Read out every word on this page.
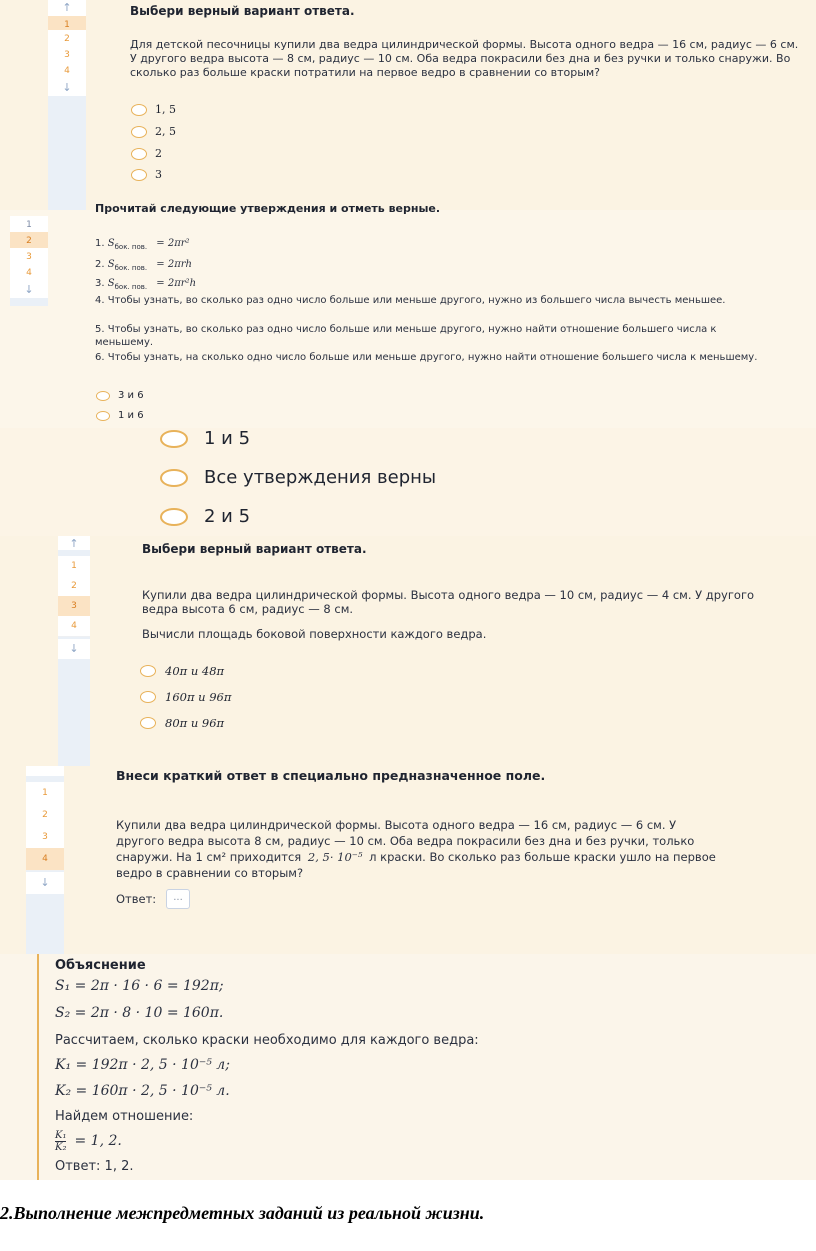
↑
1
2
3
4
↓
Выбери верный вариант ответа.
Для детской песочницы купили два ведра цилиндрической формы. Высота одного ведра — 16 см, радиус — 6 см. У другого ведра высота — 8 см, радиус — 10 см. Оба ведра покрасили без дна и без ручки и только снаружи. Во сколько раз больше краски потратили на первое ведро в сравнении со вторым?
1, 5
2, 5
2
3
1
2
3
4
↓
Прочитай следующие утверждения и отметь верные.
1. $S_{бок. пов.} = 2\pi r^2$
2. $S_{бок. пов.} = 2\pi rh$
3. $S_{бок. пов.} = 2\pi r^2h$
4. Чтобы узнать, во сколько раз одно число больше или меньше другого, нужно из большего числа вычесть меньшее.
5. Чтобы узнать, во сколько раз одно число больше или меньше другого, нужно найти отношение большего числа к меньшему.
6. Чтобы узнать, на сколько одно число больше или меньше другого, нужно найти отношение большего числа к меньшему.
3 и 6
1 и 6
1 и 5
Все утверждения верны
2 и 5
↑
1
2
3
4
↓
Выбери верный вариант ответа.
Купили два ведра цилиндрической формы. Высота одного ведра — 10 см, радиус — 4 см. У другого ведра высота 6 см, радиус — 8 см.
Вычисли площадь боковой поверхности каждого ведра.
40π и 48π
160π и 96π
80π и 96π
1
2
3
4
↓
Внеси краткий ответ в специально предназначенное поле.
Купили два ведра цилиндрической формы. Высота одного ведра — 16 см, радиус — 6 см. У
другого ведра высота 8 см, радиус — 10 см. Оба ведра покрасили без дна и без ручки, только
снаружи. На 1 см² приходится 2, 5· 10⁻⁵ л краски. Во сколько раз больше краски ушло на первое
ведро в сравнении со вторым?
Ответ:	...
Объяснение
S₁ = 2π · 16 · 6 = 192π;
S₂ = 2π · 8 · 10 = 160π.
Рассчитаем, сколько краски необходимо для каждого ведра:
K₁ = 192π · 2, 5 · 10⁻⁵ л;
K₂ = 160π · 2, 5 · 10⁻⁵ л.
Найдем отношение:
$\frac{\text{K₁}}{\text{K₂}} = 1$, 2.
Ответ: 1, 2.
2.Выполнение межпредметных заданий из реальной жизни.
